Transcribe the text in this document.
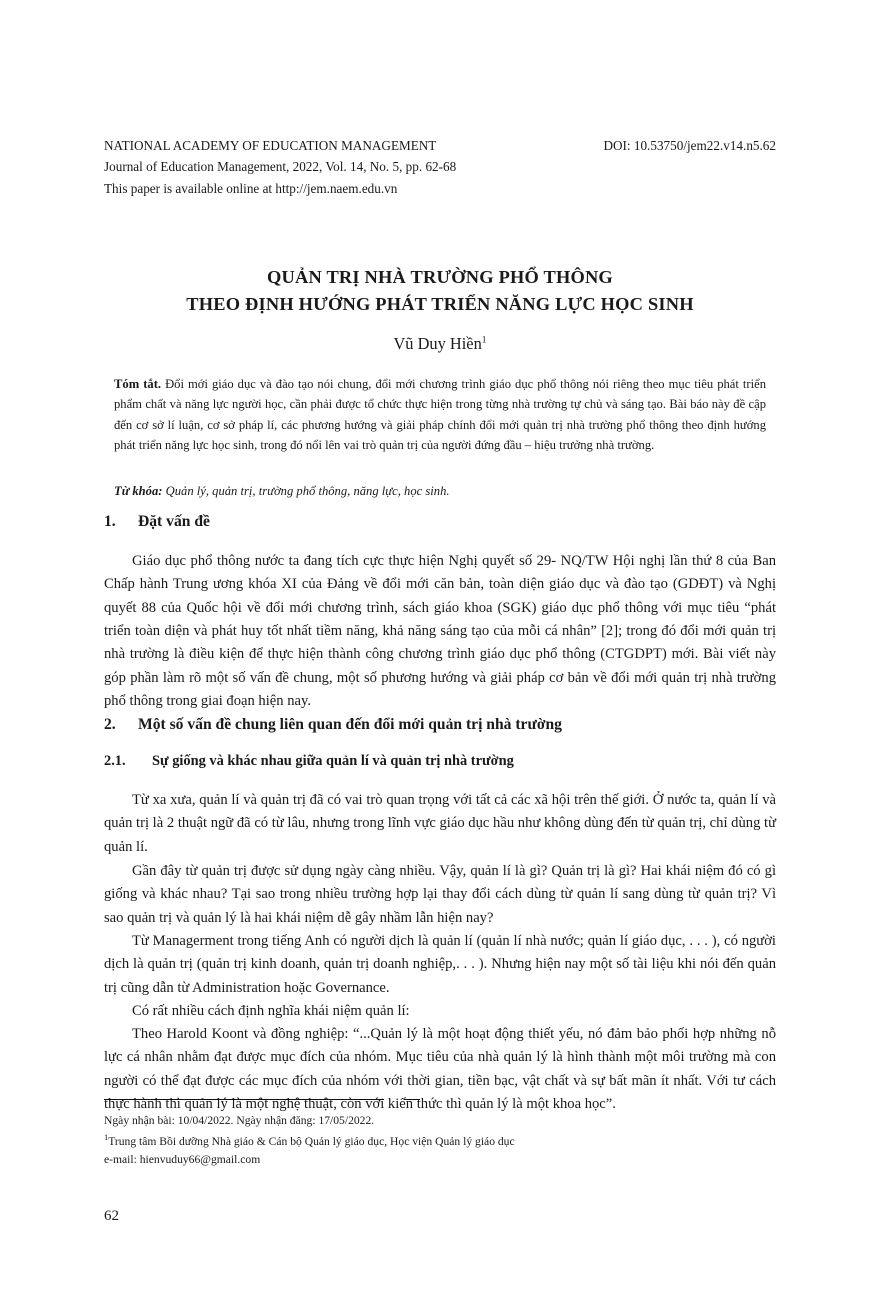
NATIONAL ACADEMY OF EDUCATION MANAGEMENT	DOI: 10.53750/jem22.v14.n5.62
Journal of Education Management, 2022, Vol. 14, No. 5, pp. 62-68
This paper is available online at http://jem.naem.edu.vn
QUẢN TRỊ NHÀ TRƯỜNG PHỔ THÔNG
THEO ĐỊNH HƯỚNG PHÁT TRIỂN NĂNG LỰC HỌC SINH
Vũ Duy Hiền$^1$
Tóm tắt. Đổi mới giáo dục và đào tạo nói chung, đổi mới chương trình giáo dục phổ thông nói riêng theo mục tiêu phát triển phẩm chất và năng lực người học, cần phải được tổ chức thực hiện trong từng nhà trường tự chủ và sáng tạo. Bài báo này đề cập đến cơ sở lí luận, cơ sở pháp lí, các phương hướng và giải pháp chính đổi mới quản trị nhà trường phổ thông theo định hướng phát triển năng lực học sinh, trong đó nổi lên vai trò quản trị của người đứng đầu – hiệu trưởng nhà trường.
Từ khóa: Quản lý, quản trị, trường phổ thông, năng lực, học sinh.
1.	Đặt vấn đề
Giáo dục phổ thông nước ta đang tích cực thực hiện Nghị quyết số 29- NQ/TW Hội nghị lần thứ 8 của Ban Chấp hành Trung ương khóa XI của Đảng về đổi mới căn bản, toàn diện giáo dục và đào tạo (GDĐT) và Nghị quyết 88 của Quốc hội về đổi mới chương trình, sách giáo khoa (SGK) giáo dục phổ thông với mục tiêu “phát triển toàn diện và phát huy tốt nhất tiềm năng, khả năng sáng tạo của mỗi cá nhân” [2]; trong đó đổi mới quản trị nhà trường là điều kiện để thực hiện thành công chương trình giáo dục phổ thông (CTGDPT) mới. Bài viết này góp phần làm rõ một số vấn đề chung, một số phương hướng và giải pháp cơ bản về đổi mới quản trị nhà trường phổ thông trong giai đoạn hiện nay.
2.	Một số vấn đề chung liên quan đến đổi mới quản trị nhà trường
2.1.	Sự giống và khác nhau giữa quản lí và quản trị nhà trường
Từ xa xưa, quản lí và quản trị đã có vai trò quan trọng với tất cả các xã hội trên thế giới. Ở nước ta, quản lí và quản trị là 2 thuật ngữ đã có từ lâu, nhưng trong lĩnh vực giáo dục hầu như không dùng đến từ quản trị, chỉ dùng từ quản lí.
Gần đây từ quản trị được sử dụng ngày càng nhiều. Vậy, quản lí là gì? Quản trị là gì? Hai khái niệm đó có gì giống và khác nhau? Tại sao trong nhiều trường hợp lại thay đổi cách dùng từ quản lí sang dùng từ quản trị? Vì sao quản trị và quản lý là hai khái niệm dễ gây nhầm lẫn hiện nay?
Từ Managerment trong tiếng Anh có người dịch là quản lí (quản lí nhà nước; quản lí giáo dục, . . . ), có người dịch là quản trị (quản trị kinh doanh, quản trị doanh nghiệp,. . . ). Nhưng hiện nay một số tài liệu khi nói đến quản trị cũng dẫn từ Administration hoặc Governance.
Có rất nhiều cách định nghĩa khái niệm quản lí:
Theo Harold Koont và đồng nghiệp: “...Quản lý là một hoạt động thiết yếu, nó đảm bảo phối hợp những nỗ lực cá nhân nhằm đạt được mục đích của nhóm. Mục tiêu của nhà quản lý là hình thành một môi trường mà con người có thể đạt được các mục đích của nhóm với thời gian, tiền bạc, vật chất và sự bất mãn ít nhất. Với tư cách thực hành thì quản lý là một nghệ thuật, còn với kiến thức thì quản lý là một khoa học”.
Ngày nhận bài: 10/04/2022. Ngày nhận đăng: 17/05/2022.
$^1$Trung tâm Bồi dưỡng Nhà giáo & Cán bộ Quản lý giáo dục, Học viện Quản lý giáo dục
e-mail: hienvuduy66@gmail.com
62
